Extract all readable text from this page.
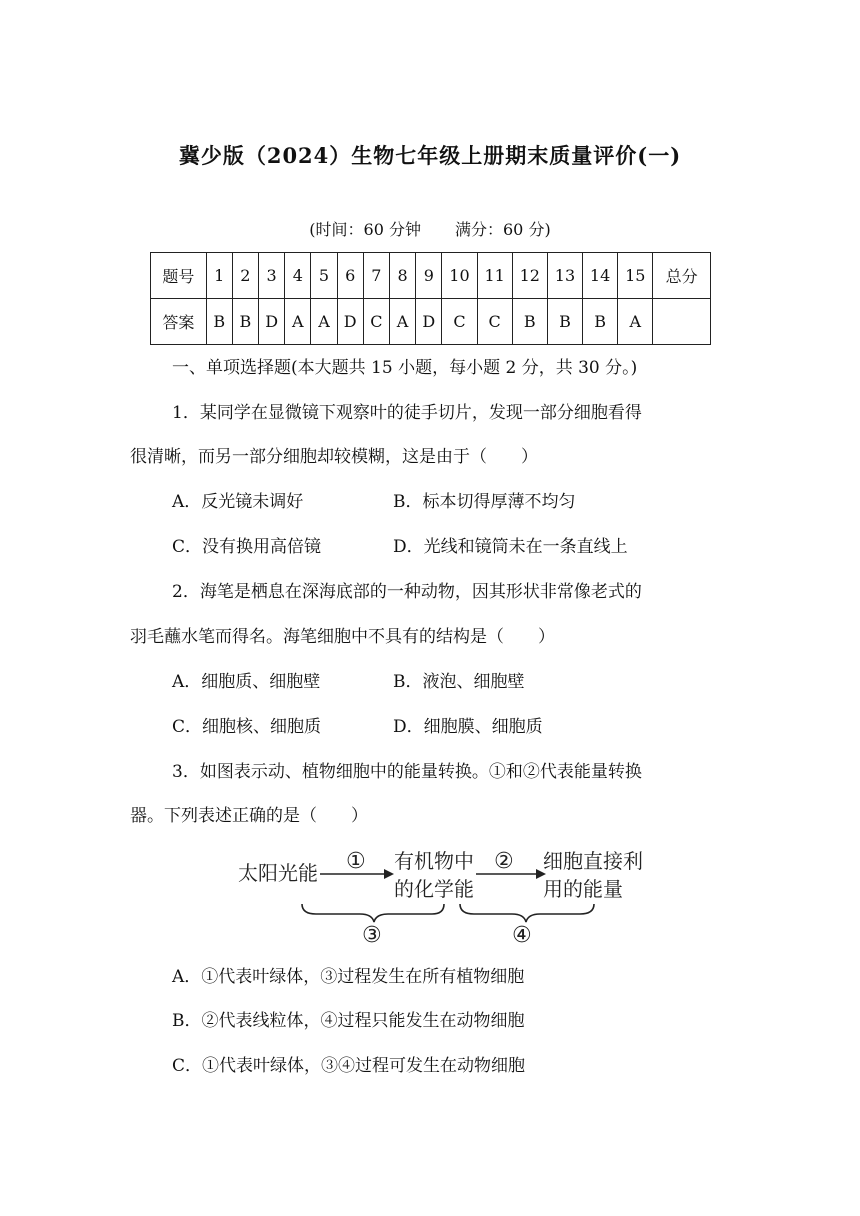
冀少版（2024）生物七年级上册期末质量评价(一)
(时间：60 分钟 满分：60 分)
题号	1	2	3	4	5	6	7	8	9	10	11	12	13	14	15	总分
答案	B	B	D	A	A	D	C	A	D	C	C	B	B	B	A	
一、单项选择题(本大题共 15 小题，每小题 2 分，共 30 分。)
1．某同学在显微镜下观察叶的徒手切片，发现一部分细胞看得
很清晰，而另一部分细胞却较模糊，这是由于（　　）
A．反光镜未调好	B．标本切得厚薄不均匀
C．没有换用高倍镜	D．光线和镜筒未在一条直线上
2．海笔是栖息在深海底部的一种动物，因其形状非常像老式的
羽毛蘸水笔而得名。海笔细胞中不具有的结构是（　　）
A．细胞质、细胞壁	B．液泡、细胞壁
C．细胞核、细胞质	D．细胞膜、细胞质
3．如图表示动、植物细胞中的能量转换。①和②代表能量转换
器。下列表述正确的是（　　）
太阳光能 ① 有机物中
的化学能
② 细胞直接利
用的能量
③	④
A．①代表叶绿体，③过程发生在所有植物细胞
B．②代表线粒体，④过程只能发生在动物细胞
C．①代表叶绿体，③④过程可发生在动物细胞
